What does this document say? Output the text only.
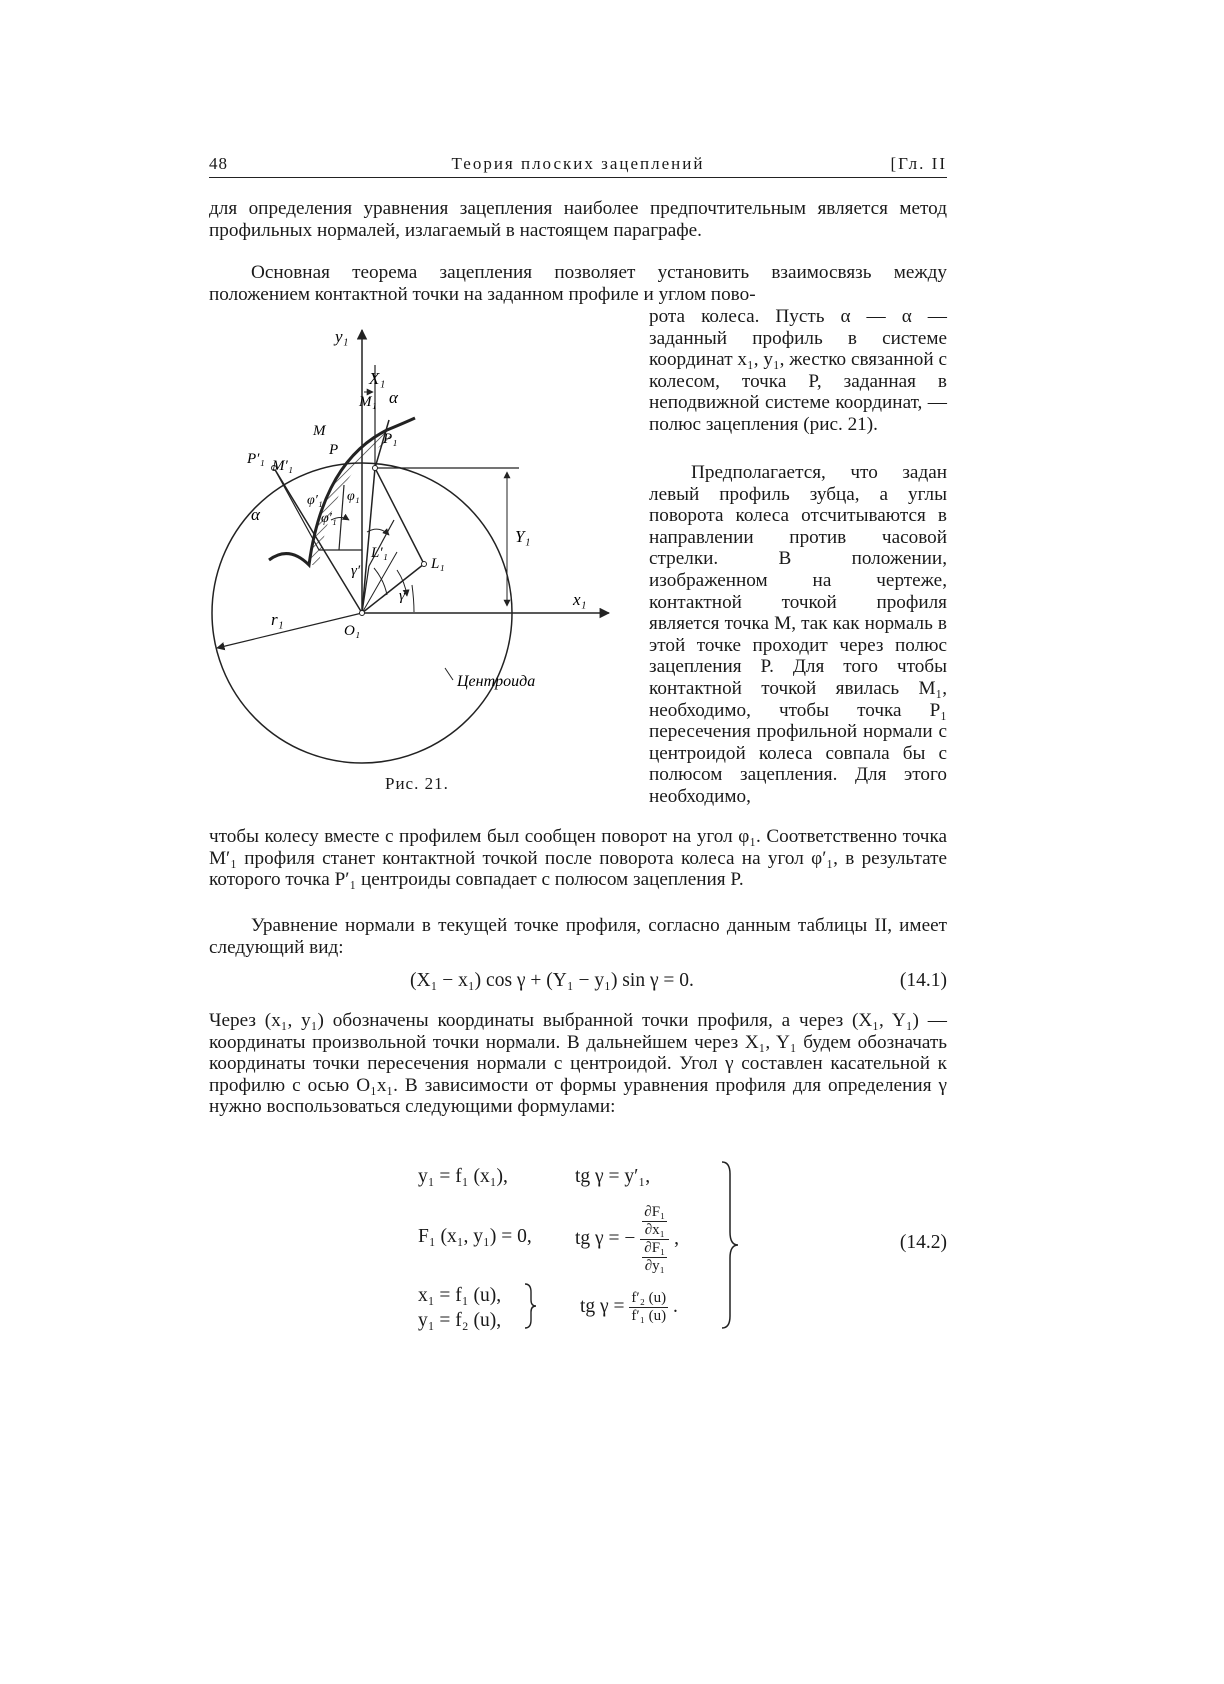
48	Теория плоских зацеплений	[Гл. II

для определения уравнения зацепления наиболее предпочтительным является метод профильных нормалей, излагаемый в настоящем параграфе.

Основная теорема зацепления позволяет установить взаимосвязь между положением контактной точки на заданном профиле и углом пово-

рота колеса. Пусть α — α — заданный профиль в системе координат x₁, y₁, жестко связанной с колесом, точка P, заданная в неподвижной системе координат, — полюс зацепления (рис. 21).

Предполагается, что задан левый профиль зубца, а углы поворота колеса отсчитываются в направлении против часовой стрелки. В положении, изображенном на чертеже, контактной точкой профиля является точка M, так как нормаль в этой точке проходит через полюс зацепления P. Для того чтобы контактной точкой явилась M₁, необходимо, чтобы точка P₁ пересечения профильной нормали с центроидой колеса совпала бы с полюсом зацепления. Для этого необходимо,

y₁
x₁
X₁
Y₁
r₁
O₁
M
M₁
M′₁
P
P₁
P′₁
L₁
L′₁
α
α
φ₁
φ′₁
φ′₁
γ
γ′
Центроида
Рис. 21.

чтобы колесу вместе с профилем был сообщен поворот на угол φ₁. Соответственно точка M′₁ профиля станет контактной точкой после поворота колеса на угол φ′₁, в результате которого точка P′₁ центроиды совпадает с полюсом зацепления P.

Уравнение нормали в текущей точке профиля, согласно данным таблицы II, имеет следующий вид:

(X₁ − x₁) cos γ + (Y₁ − y₁) sin γ = 0.	(14.1)

Через (x₁, y₁) обозначены координаты выбранной точки профиля, а через (X₁, Y₁) — координаты произвольной точки нормали. В дальнейшем через X₁, Y₁ будем обозначать координаты точки пересечения нормали с центроидой. Угол γ составлен касательной к профилю с осью O₁x₁. В зависимости от формы уравнения профиля для определения γ нужно воспользоваться следующими формулами:

y₁ = f₁ (x₁),	tg γ = y′₁,
F₁ (x₁, y₁) = 0, tg γ = − $\frac{\frac{\text{∂F₁}}{\text{∂x₁}}}{\frac{\text{∂F₁}}{\text{∂y₁}}}$ ,
x₁ = f₁ (u),
y₁ = f₂ (u),
tg $\gamma = \frac{\text{f′₂ (u)}}{\text{f′₁ (u)}}$ .
(14.2)
